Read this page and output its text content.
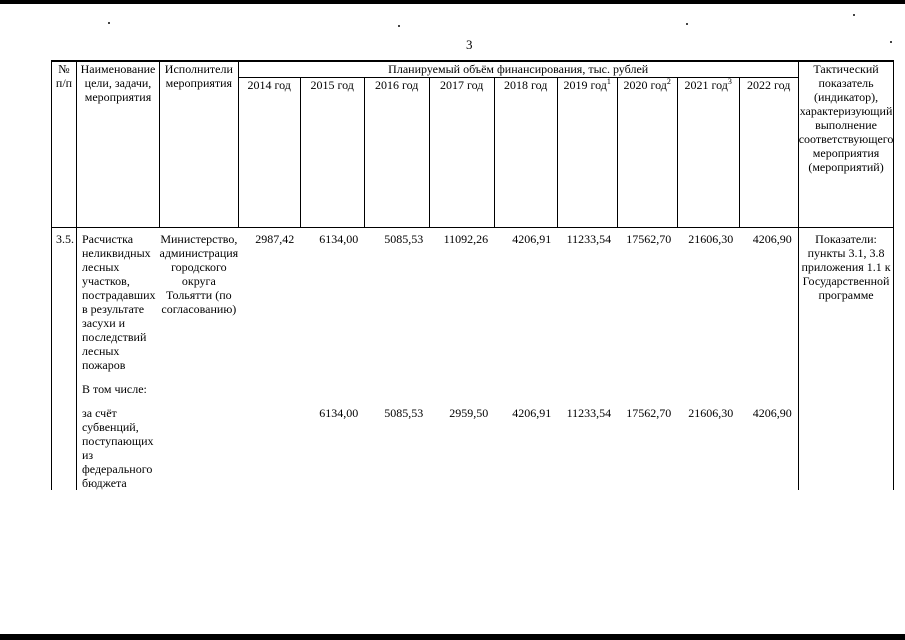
3
№ п/п	Наименование цели, задачи, мероприятия	Исполнители мероприятия	Планируемый объём финансирования, тыс. рублей									Тактический показатель (индикатор), характеризующий выполнение соответствующего мероприятия (мероприятий)
			2014 год	2015 год	2016 год	2017 год	2018 год	2019 год$^1$	2020 год$^2$	2021 год$^3$	2022 год	
3.5.	Расчистка неликвидных лесных участков, пострадавших в результате засухи и последствий лесных пожаров	Министерство, администрация городского округа Тольятти (по согласованию)	2987,42	6134,00	5085,53	11092,26	4206,91	11233,54	17562,70	21606,30	4206,90	Показатели: пункты 3.1, 3.8 приложения 1.1 к Государственной программе

	В том числе:											

	за счёт субвенций, поступающих из федерального бюджета			6134,00	5085,53	2959,50	4206,91	11233,54	17562,70	21606,30	4206,90	
